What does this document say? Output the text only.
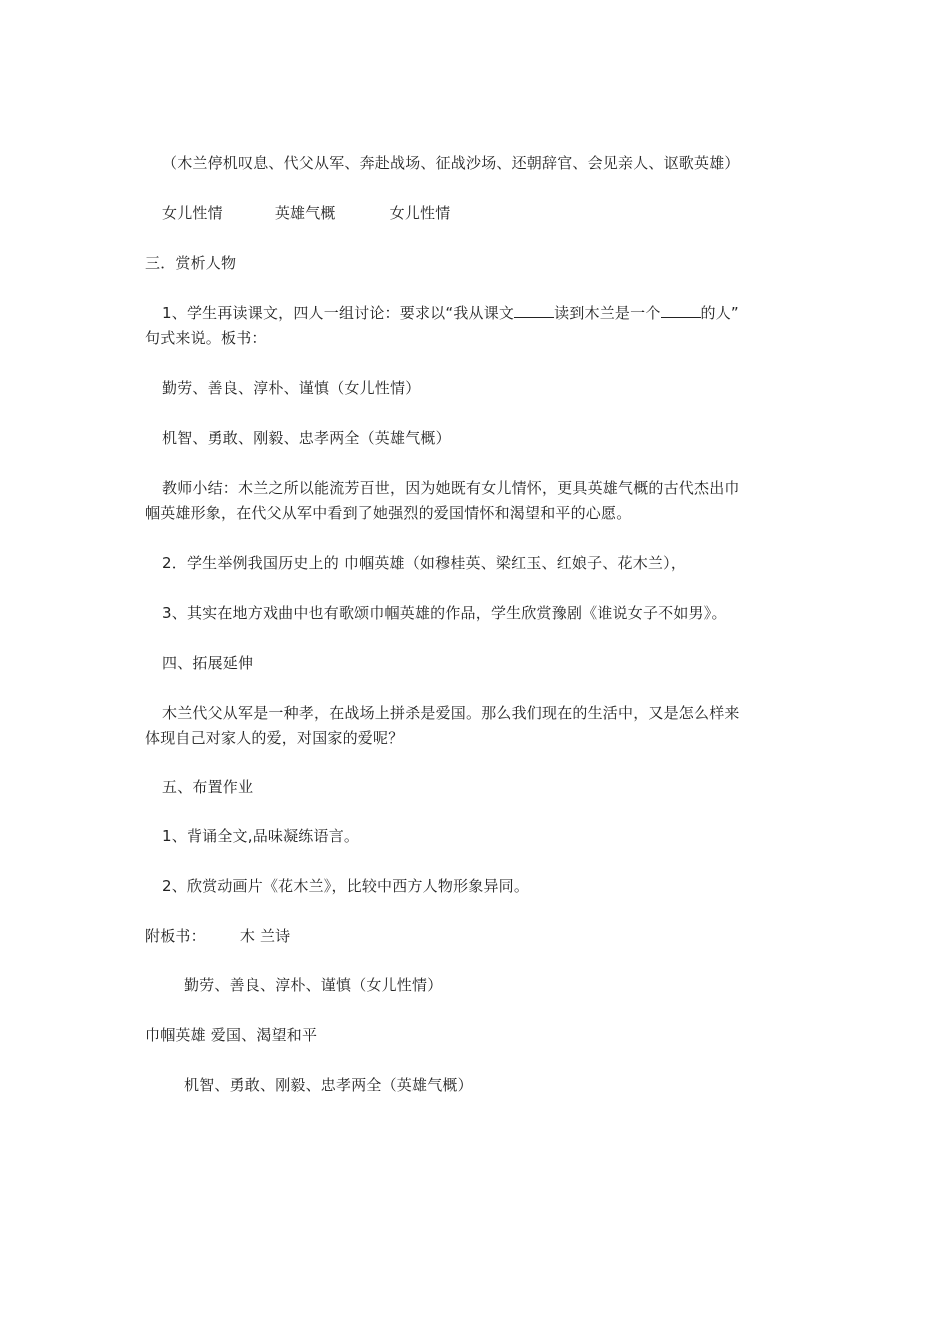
（木兰停机叹息、代父从军、奔赴战场、征战沙场、还朝辞官、会见亲人、讴歌英雄）
女儿性情	英雄气概	女儿性情
三．赏析人物
1、学生再读课文，四人一组讨论：要求以“我从课文	读到木兰是一个	的人”
句式来说。板书：
勤劳、善良、淳朴、谨慎（女儿性情）
机智、勇敢、刚毅、忠孝两全（英雄气概）
教师小结：木兰之所以能流芳百世，因为她既有女儿情怀，更具英雄气概的古代杰出巾
帼英雄形象，在代父从军中看到了她强烈的爱国情怀和渴望和平的心愿。
2．学生举例我国历史上的 巾帼英雄（如穆桂英、梁红玉、红娘子、花木兰），
3、其实在地方戏曲中也有歌颂巾帼英雄的作品，学生欣赏豫剧《谁说女子不如男》。
四、拓展延伸
木兰代父从军是一种孝，在战场上拼杀是爱国。那么我们现在的生活中，又是怎么样来
体现自己对家人的爱，对国家的爱呢？
五、布置作业
1、背诵全文,品味凝练语言。
2、欣赏动画片《花木兰》，比较中西方人物形象异同。
附板书： 木 兰诗
勤劳、善良、淳朴、谨慎（女儿性情）
巾帼英雄 爱国、渴望和平
机智、勇敢、刚毅、忠孝两全（英雄气概）
